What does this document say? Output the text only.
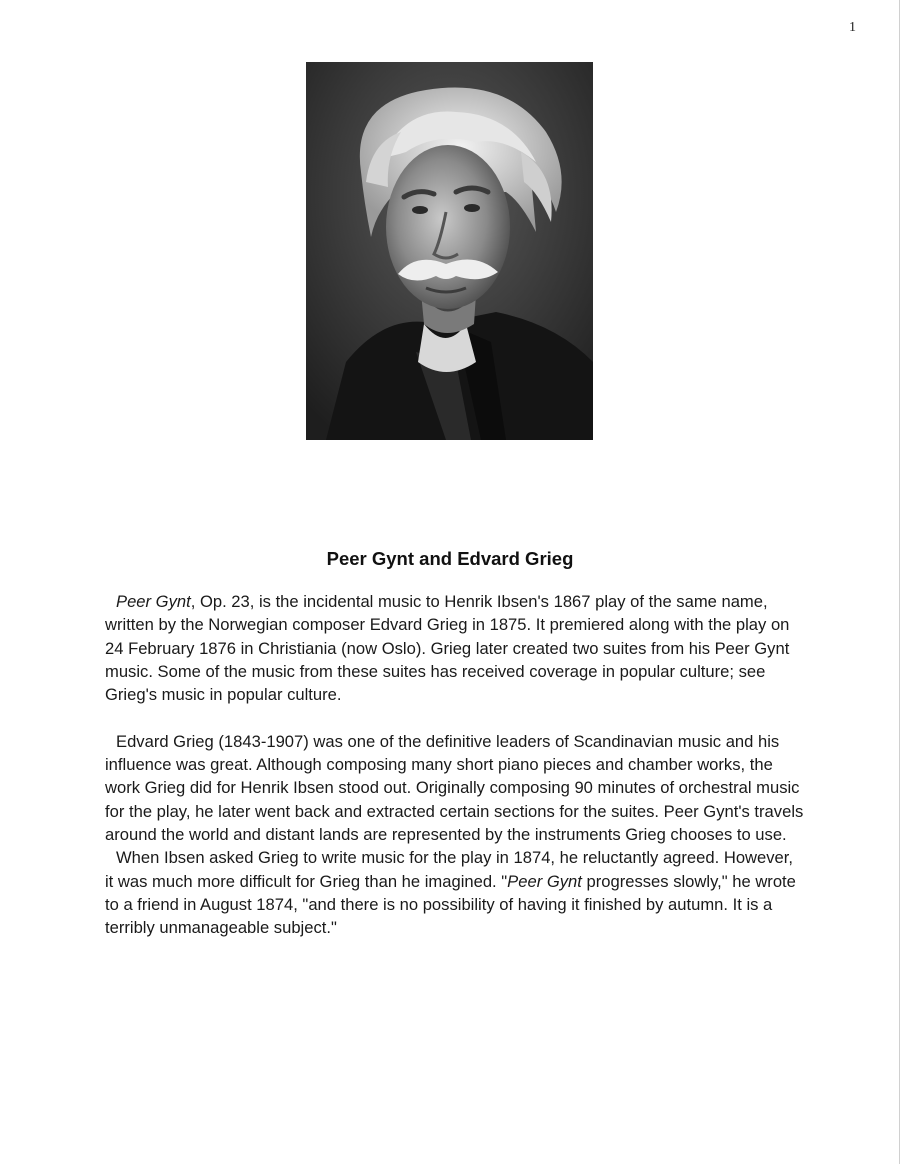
1
Peer Gynt and Edvard Grieg

Peer Gynt, Op. 23, is the incidental music to Henrik Ibsen's 1867 play of the same name, written by the Norwegian composer Edvard Grieg in 1875. It premiered along with the play on 24 February 1876 in Christiania (now Oslo). Grieg later created two suites from his Peer Gynt music. Some of the music from these suites has received coverage in popular culture; see Grieg's music in popular culture.

Edvard Grieg (1843-1907) was one of the definitive leaders of Scandinavian music and his influence was great. Although composing many short piano pieces and chamber works, the work Grieg did for Henrik Ibsen stood out. Originally composing 90 minutes of orchestral music for the play, he later went back and extracted certain sections for the suites. Peer Gynt's travels around the world and distant lands are represented by the instruments Grieg chooses to use.

When Ibsen asked Grieg to write music for the play in 1874, he reluctantly agreed. However, it was much more difficult for Grieg than he imagined. "Peer Gynt progresses slowly," he wrote to a friend in August 1874, "and there is no possibility of having it finished by autumn. It is a terribly unmanageable subject."
